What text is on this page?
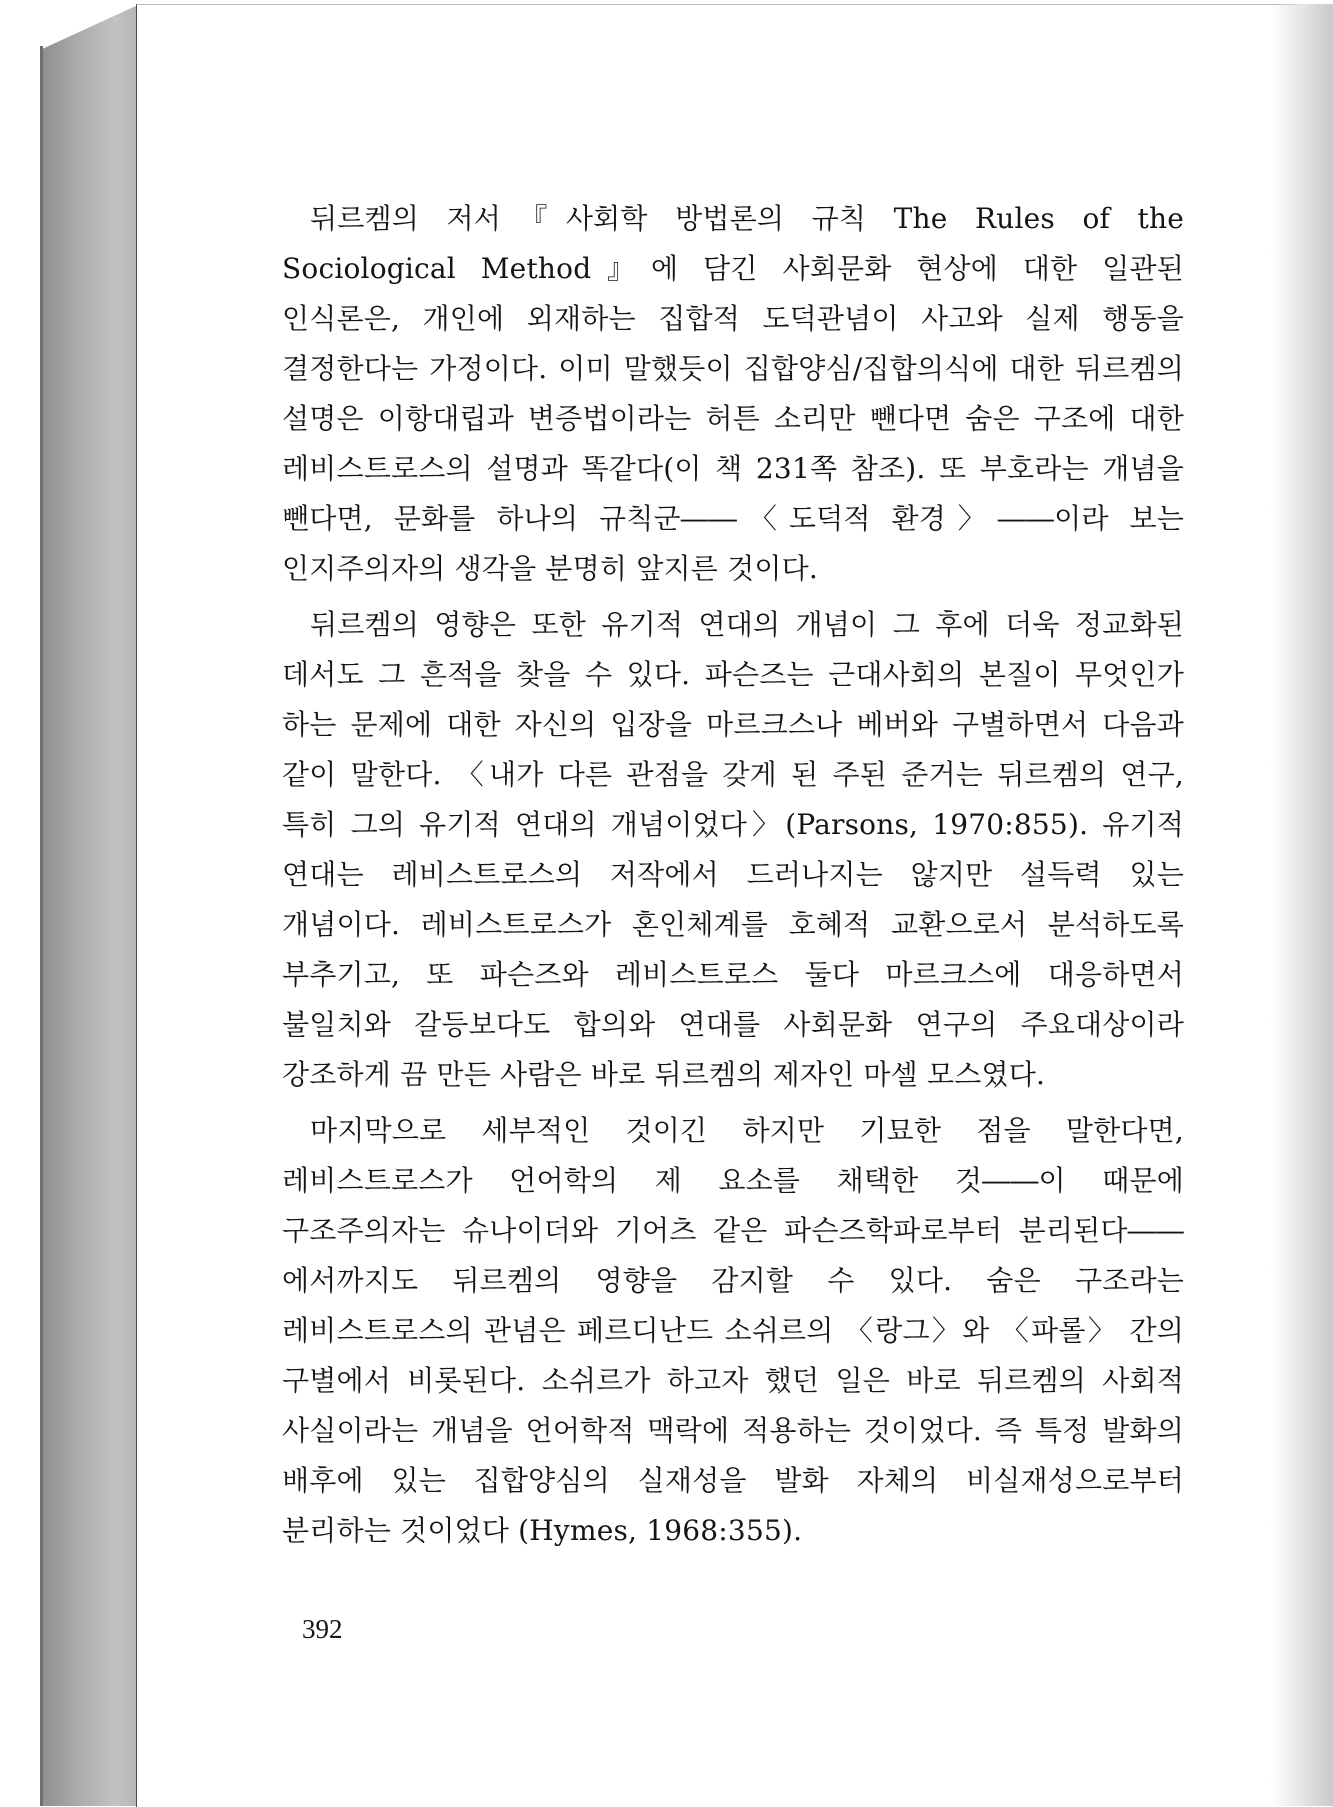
뒤르켐의 저서『사회학 방법론의 규칙 The Rules of the Sociological Method』에 담긴 사회문화 현상에 대한 일관된 인식론은, 개인에 외재하는 집합적 도덕관념이 사고와 실제 행동을 결정한다는 가정이다. 이미 말했듯이 집합양심/집합의식에 대한 뒤르켐의 설명은 이항대립과 변증법이라는 허튼 소리만 뺀다면 숨은 구조에 대한 레비스트로스의 설명과 똑같다(이 책 231쪽 참조). 또 부호라는 개념을 뺀다면, 문화를 하나의 규칙군――〈도덕적 환경〉――이라 보는 인지주의자의 생각을 분명히 앞지른 것이다.

뒤르켐의 영향은 또한 유기적 연대의 개념이 그 후에 더욱 정교화된 데서도 그 흔적을 찾을 수 있다. 파슨즈는 근대사회의 본질이 무엇인가 하는 문제에 대한 자신의 입장을 마르크스나 베버와 구별하면서 다음과 같이 말한다. 〈내가 다른 관점을 갖게 된 주된 준거는 뒤르켐의 연구, 특히 그의 유기적 연대의 개념이었다〉(Parsons, 1970:855). 유기적 연대는 레비스트로스의 저작에서 드러나지는 않지만 설득력 있는 개념이다. 레비스트로스가 혼인체계를 호혜적 교환으로서 분석하도록 부추기고, 또 파슨즈와 레비스트로스 둘다 마르크스에 대응하면서 불일치와 갈등보다도 합의와 연대를 사회문화 연구의 주요대상이라 강조하게 끔 만든 사람은 바로 뒤르켐의 제자인 마셀 모스였다.

마지막으로 세부적인 것이긴 하지만 기묘한 점을 말한다면, 레비스트로스가 언어학의 제 요소를 채택한 것――이 때문에 구조주의자는 슈나이더와 기어츠 같은 파슨즈학파로부터 분리된다――에서까지도 뒤르켐의 영향을 감지할 수 있다. 숨은 구조라는 레비스트로스의 관념은 페르디난드 소쉬르의 〈랑그〉와 〈파롤〉 간의 구별에서 비롯된다. 소쉬르가 하고자 했던 일은 바로 뒤르켐의 사회적 사실이라는 개념을 언어학적 맥락에 적용하는 것이었다. 즉 특정 발화의 배후에 있는 집합양심의 실재성을 발화 자체의 비실재성으로부터 분리하는 것이었다 (Hymes, 1968:355).

392
